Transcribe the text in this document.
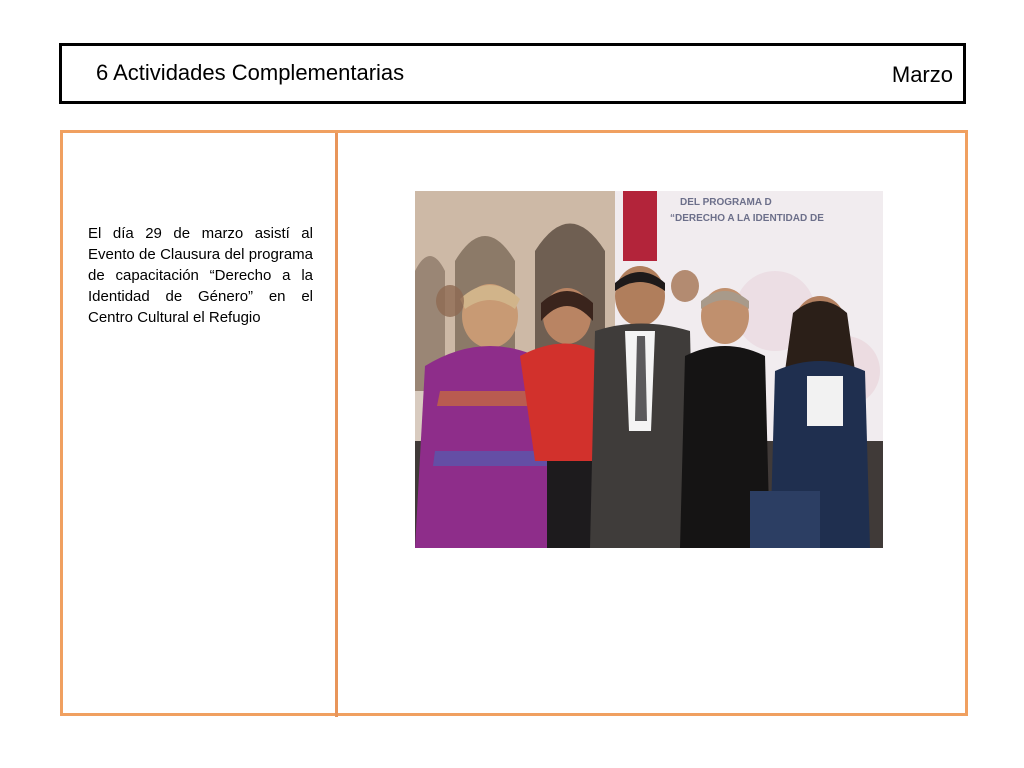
6 Actividades Complementarias	Marzo
El día 29 de marzo asistí al Evento de Clausura del programa de capacitación “Derecho a la Identidad de Género” en el Centro Cultural el Refugio
DEL PROGRAMA D
“DERECHO A LA IDENTIDAD DE
